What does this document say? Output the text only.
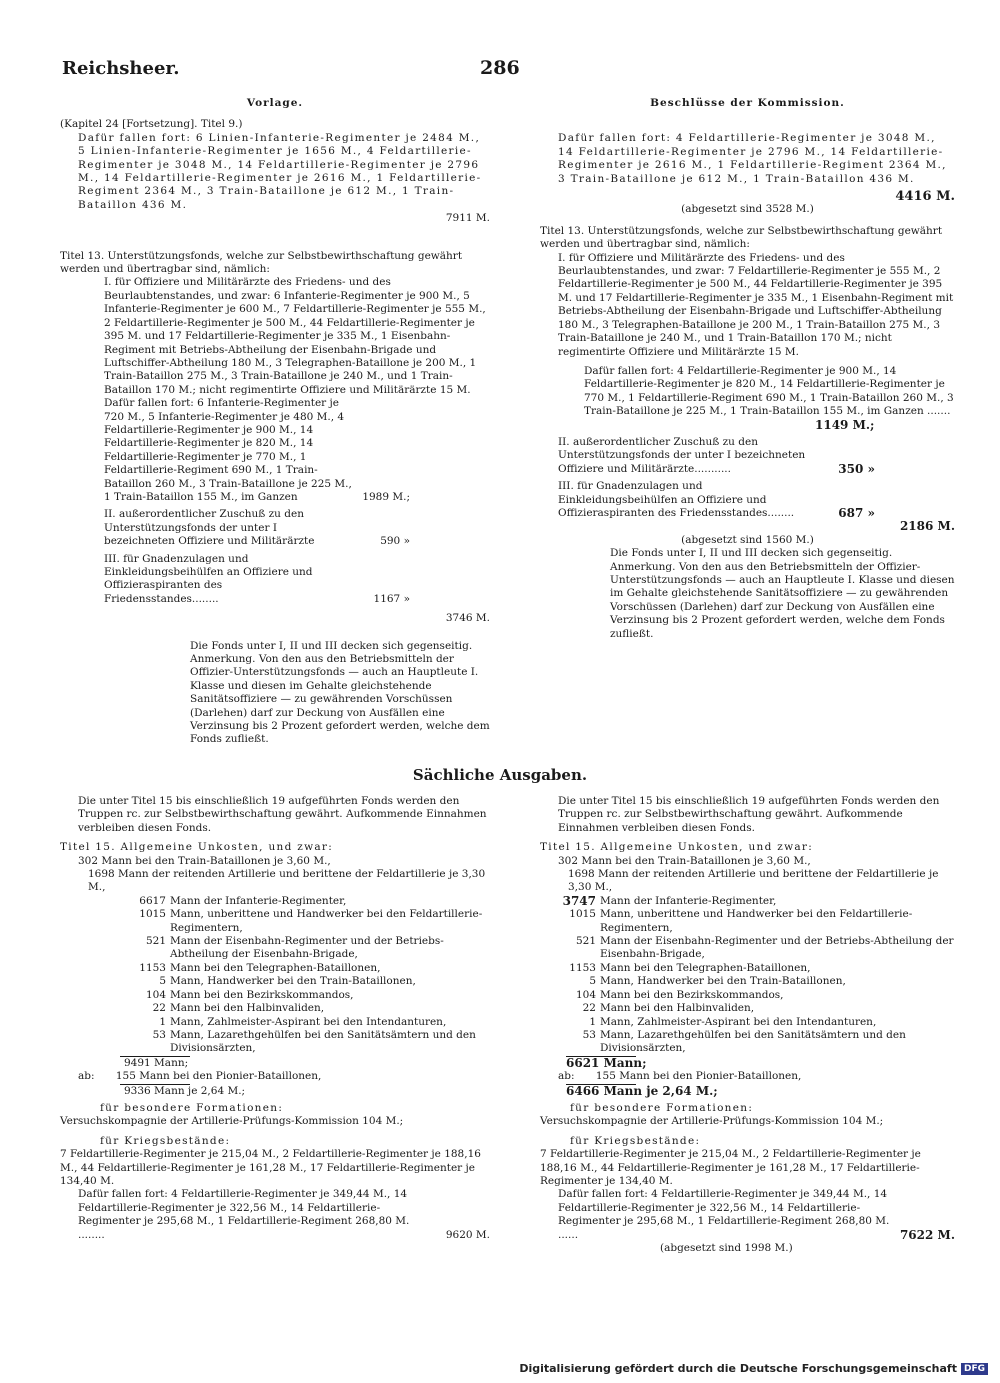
Reichsheer.	286
Vorlage.

(Kapitel 24 [Fortsetzung]. Titel 9.)

Dafür fallen fort: 6 Linien-Infanterie-Regimenter je 2484 M., 5 Linien-Infanterie-Regimenter je 1656 M., 4 Feldartillerie-Regimenter je 3048 M., 14 Feldartillerie-Regimenter je 2796 M., 14 Feldartillerie-Regimenter je 2616 M., 1 Feldartillerie-Regiment 2364 M., 3 Train-Bataillone je 612 M., 1 Train-Bataillon 436 M.

7911 M.

Titel 13. Unterstützungsfonds, welche zur Selbstbewirthschaftung gewährt werden und übertragbar sind, nämlich:

I. für Offiziere und Militärärzte des Friedens- und des Beurlaubtenstandes, und zwar: 6 Infanterie-Regimenter je 900 M., 5 Infanterie-Regimenter je 600 M., 7 Feldartillerie-Regimenter je 555 M., 2 Feldartillerie-Regimenter je 500 M., 44 Feldartillerie-Regimenter je 395 M. und 17 Feldartillerie-Regimenter je 335 M., 1 Eisenbahn-Regiment mit Betriebs-Abtheilung der Eisenbahn-Brigade und Luftschiffer-Abtheilung 180 M., 3 Telegraphen-Bataillone je 200 M., 1 Train-Bataillon 275 M., 3 Train-Bataillone je 240 M., und 1 Train-Bataillon 170 M.; nicht regimentirte Offiziere und Militärärzte 15 M.

Dafür fallen fort: 6 Infanterie-Regimenter je 720 M., 5 Infanterie-Regimenter je 480 M., 4 Feldartillerie-Regimenter je 900 M., 14 Feldartillerie-Regimenter je 820 M., 14 Feldartillerie-Regimenter je 770 M., 1 Feldartillerie-Regiment 690 M., 1 Train-Bataillon 260 M., 3 Train-Bataillone je 225 M., 1 Train-Bataillon 155 M., im Ganzen	1989 M.;

II. außerordentlicher Zuschuß zu den Unterstützungsfonds der unter I bezeichneten Offiziere und Militärärzte	590 »

III. für Gnadenzulagen und Einkleidungsbeihülfen an Offiziere und Offizieraspiranten des Friedensstandes........	1167 »

3746 M.

Die Fonds unter I, II und III decken sich gegenseitig.

Anmerkung. Von den aus den Betriebsmitteln der Offizier-Unterstützungsfonds — auch an Hauptleute I. Klasse und diesen im Gehalte gleichstehende Sanitätsoffiziere — zu gewährenden Vorschüssen (Darlehen) darf zur Deckung von Ausfällen eine Verzinsung bis 2 Prozent gefordert werden, welche dem Fonds zufließt.

Beschlüsse der Kommission.

Dafür fallen fort: 4 Feldartillerie-Regimenter je 3048 M., 14 Feldartillerie-Regimenter je 2796 M., 14 Feldartillerie-Regimenter je 2616 M., 1 Feldartillerie-Regiment 2364 M., 3 Train-Bataillone je 612 M., 1 Train-Bataillon 436 M.

4416 M.

(abgesetzt sind 3528 M.)

Titel 13. Unterstützungsfonds, welche zur Selbstbewirthschaftung gewährt werden und übertragbar sind, nämlich:

I. für Offiziere und Militärärzte des Friedens- und des Beurlaubtenstandes, und zwar: 7 Feldartillerie-Regimenter je 555 M., 2 Feldartillerie-Regimenter je 500 M., 44 Feldartillerie-Regimenter je 395 M. und 17 Feldartillerie-Regimenter je 335 M., 1 Eisenbahn-Regiment mit Betriebs-Abtheilung der Eisenbahn-Brigade und Luftschiffer-Abtheilung 180 M., 3 Telegraphen-Bataillone je 200 M., 1 Train-Bataillon 275 M., 3 Train-Bataillone je 240 M., und 1 Train-Bataillon 170 M.; nicht regimentirte Offiziere und Militärärzte 15 M.

Dafür fallen fort: 4 Feldartillerie-Regimenter je 900 M., 14 Feldartillerie-Regimenter je 820 M., 14 Feldartillerie-Regimenter je 770 M., 1 Feldartillerie-Regiment 690 M., 1 Train-Bataillon 260 M., 3 Train-Bataillone je 225 M., 1 Train-Bataillon 155 M., im Ganzen .......

1149 M.;

II. außerordentlicher Zuschuß zu den Unterstützungsfonds der unter I bezeichneten Offiziere und Militärärzte...........	350 »

III. für Gnadenzulagen und Einkleidungsbeihülfen an Offiziere und Offizieraspiranten des Friedensstandes........	687 »

2186 M.

(abgesetzt sind 1560 M.)

Die Fonds unter I, II und III decken sich gegenseitig.

Anmerkung. Von den aus den Betriebsmitteln der Offizier-Unterstützungsfonds — auch an Hauptleute I. Klasse und diesen im Gehalte gleichstehende Sanitätsoffiziere — zu gewährenden Vorschüssen (Darlehen) darf zur Deckung von Ausfällen eine Verzinsung bis 2 Prozent gefordert werden, welche dem Fonds zufließt.

Sächliche Ausgaben.

Die unter Titel 15 bis einschließlich 19 aufgeführten Fonds werden den Truppen rc. zur Selbstbewirthschaftung gewährt. Aufkommende Einnahmen verbleiben diesen Fonds.

Titel 15. Allgemeine Unkosten, und zwar:

302 Mann bei den Train-Bataillonen je 3,60 M.,

1698 Mann der reitenden Artillerie und berittene der Feldartillerie je 3,30 M.,

6617 Mann der Infanterie-Regimenter,
1015 Mann, unberittene und Handwerker bei den Feldartillerie-Regimentern,
521 Mann der Eisenbahn-Regimenter und der Betriebs-Abtheilung der Eisenbahn-Brigade,
1153 Mann bei den Telegraphen-Bataillonen,
5 Mann, Handwerker bei den Train-Bataillonen,
104 Mann bei den Bezirkskommandos,
22 Mann bei den Halbinvaliden,
1 Mann, Zahlmeister-Aspirant bei den Intendanturen,
53 Mann, Lazarethgehülfen bei den Sanitätsämtern und den Divisionsärzten,

9491 Mann;

ab: 155 Mann bei den Pionier-Bataillonen,

9336 Mann je 2,64 M.;

für besondere Formationen:

Versuchskompagnie der Artillerie-Prüfungs-Kommission 104 M.;

für Kriegsbestände:

7 Feldartillerie-Regimenter je 215,04 M., 2 Feldartillerie-Regimenter je 188,16 M., 44 Feldartillerie-Regimenter je 161,28 M., 17 Feldartillerie-Regimenter je 134,40 M.

Dafür fallen fort: 4 Feldartillerie-Regimenter je 349,44 M., 14 Feldartillerie-Regimenter je 322,56 M., 14 Feldartillerie-Regimenter je 295,68 M., 1 Feldartillerie-Regiment 268,80 M. ........	9620 M.

Die unter Titel 15 bis einschließlich 19 aufgeführten Fonds werden den Truppen rc. zur Selbstbewirthschaftung gewährt. Aufkommende Einnahmen verbleiben diesen Fonds.

Titel 15. Allgemeine Unkosten, und zwar:

302 Mann bei den Train-Bataillonen je 3,60 M.,

1698 Mann der reitenden Artillerie und berittene der Feldartillerie je 3,30 M.,

3747 Mann der Infanterie-Regimenter,
1015 Mann, unberittene und Handwerker bei den Feldartillerie-Regimentern,
521 Mann der Eisenbahn-Regimenter und der Betriebs-Abtheilung der Eisenbahn-Brigade,
1153 Mann bei den Telegraphen-Bataillonen,
5 Mann, Handwerker bei den Train-Bataillonen,
104 Mann bei den Bezirkskommandos,
22 Mann bei den Halbinvaliden,
1 Mann, Zahlmeister-Aspirant bei den Intendanturen,
53 Mann, Lazarethgehülfen bei den Sanitätsämtern und den Divisionsärzten,

6621 Mann;

ab: 155 Mann bei den Pionier-Bataillonen,

6466 Mann je 2,64 M.;

für besondere Formationen:

Versuchskompagnie der Artillerie-Prüfungs-Kommission 104 M.;

für Kriegsbestände:

7 Feldartillerie-Regimenter je 215,04 M., 2 Feldartillerie-Regimenter je 188,16 M., 44 Feldartillerie-Regimenter je 161,28 M., 17 Feldartillerie-Regimenter je 134,40 M.

Dafür fallen fort: 4 Feldartillerie-Regimenter je 349,44 M., 14 Feldartillerie-Regimenter je 322,56 M., 14 Feldartillerie-Regimenter je 295,68 M., 1 Feldartillerie-Regiment 268,80 M. ......	7622 M.

(abgesetzt sind 1998 M.)

Digitalisierung gefördert durch die Deutsche Forschungsgemeinschaft DFG
